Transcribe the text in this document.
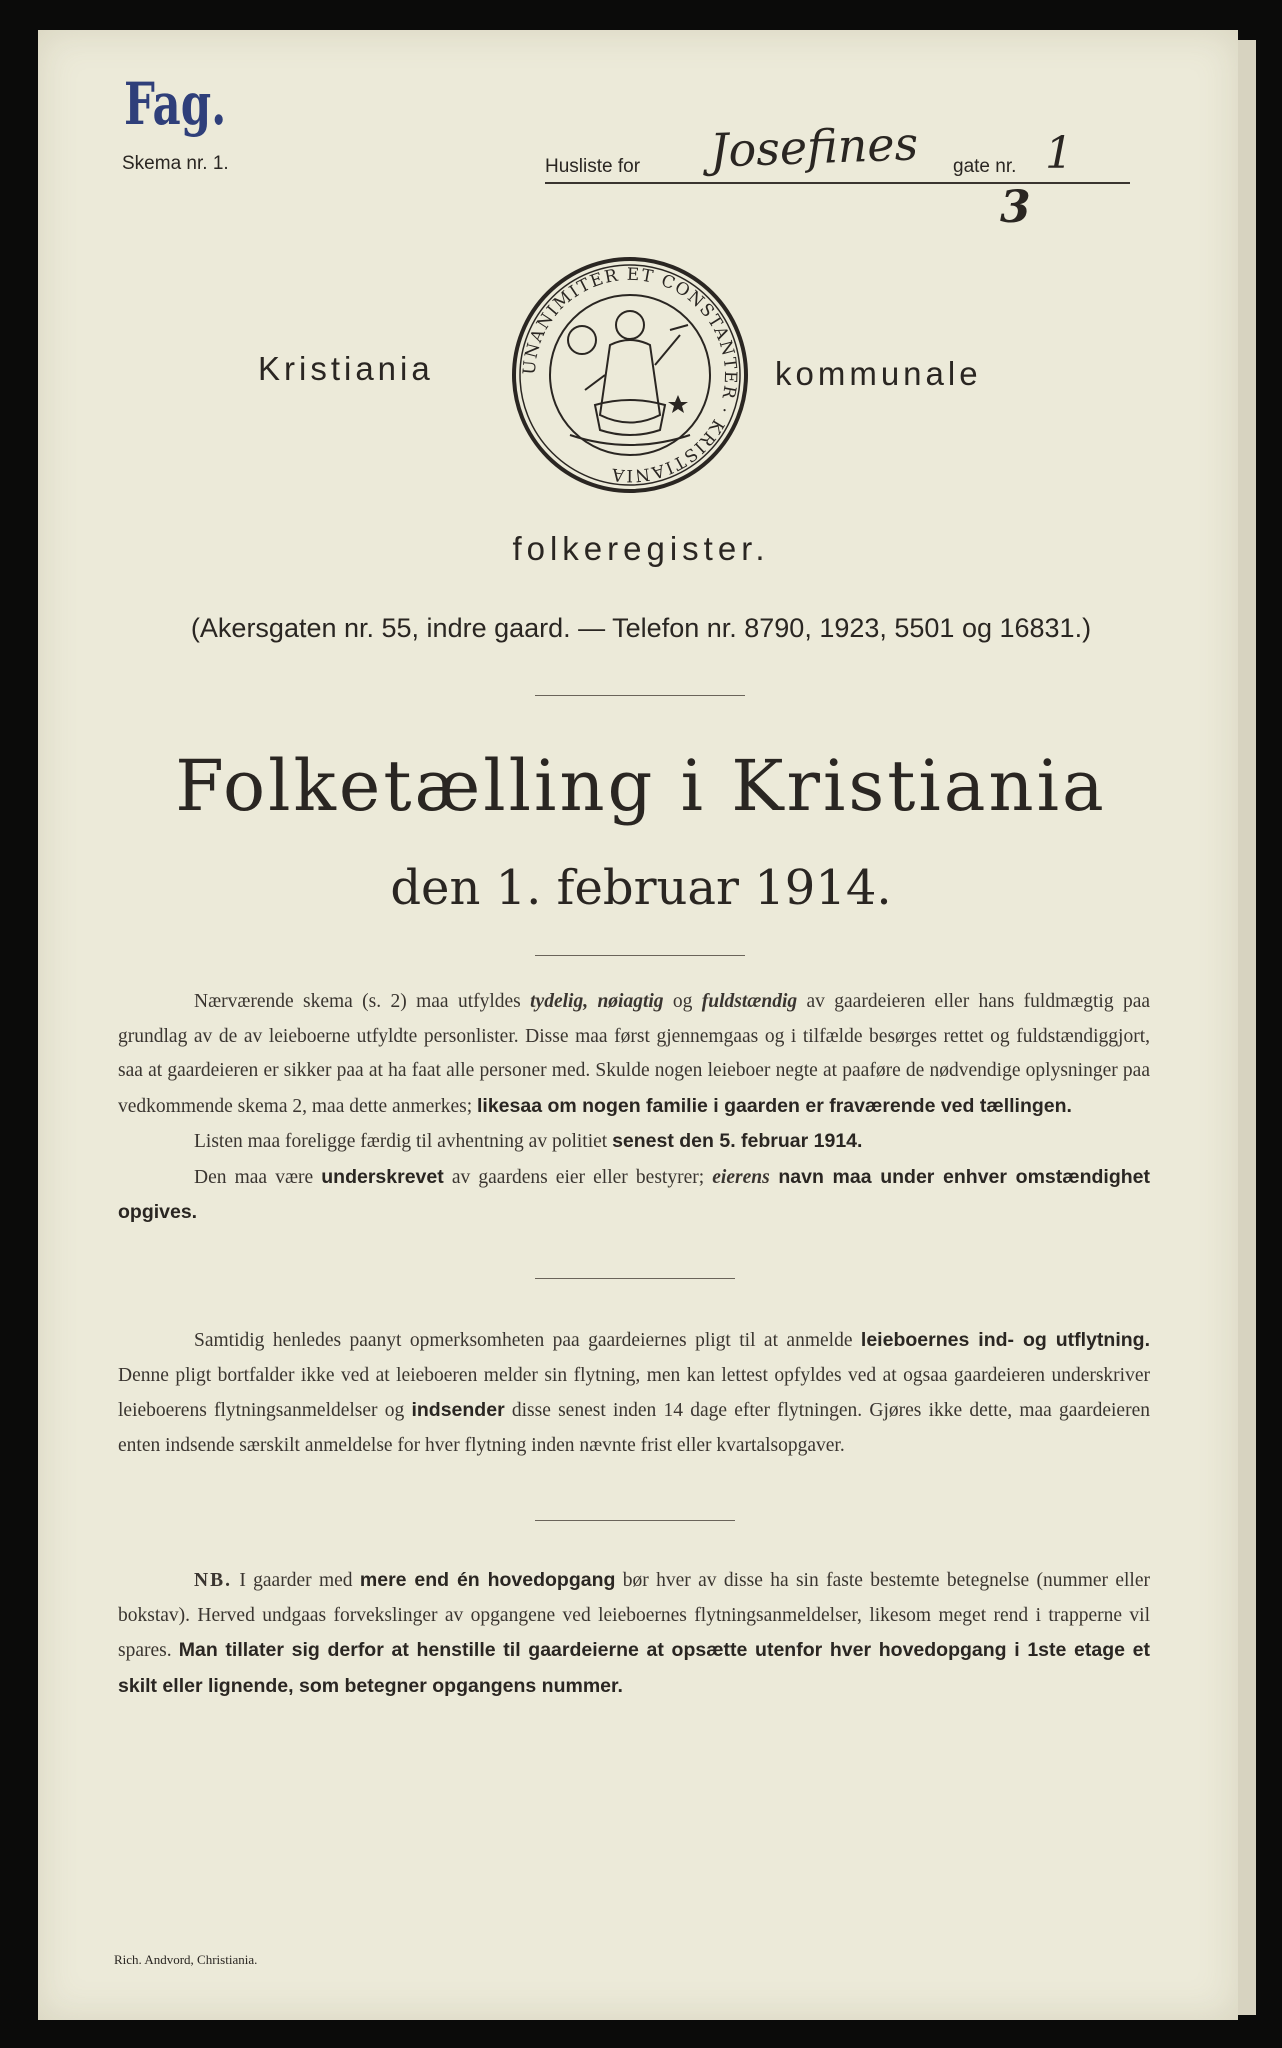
Fag.

Skema nr. 1.	Husliste for Josefines gate nr. 1

3

Kristiania	UNANIMITER ET CONSTANTER · KRISTIANIA

kommunale

folkeregister.

(Akersgaten nr. 55, indre gaard. — Telefon nr. 8790, 1923, 5501 og 16831.)

Folketælling i Kristiania

den 1. februar 1914.

Nærværende skema (s. 2) maa utfyldes tydelig, nøiagtig og fuldstændig av gaardeieren eller hans fuldmægtig paa grundlag av de av leieboerne utfyldte personlister. Disse maa først gjennemgaas og i tilfælde besørges rettet og fuldstændiggjort, saa at gaardeieren er sikker paa at ha faat alle personer med. Skulde nogen leieboer negte at paaføre de nødvendige oplysninger paa vedkommende skema 2, maa dette anmerkes; likesaa om nogen familie i gaarden er fraværende ved tællingen.
Listen maa foreligge færdig til avhentning av politiet senest den 5. februar 1914.
Den maa være underskrevet av gaardens eier eller bestyrer; eierens navn maa under enhver omstændighet opgives.
Samtidig henledes paanyt opmerksomheten paa gaardeiernes pligt til at anmelde leieboernes ind- og utflytning. Denne pligt bortfalder ikke ved at leieboeren melder sin flytning, men kan lettest opfyldes ved at ogsaa gaardeieren underskriver leieboerens flytningsanmeldelser og indsender disse senest inden 14 dage efter flytningen. Gjøres ikke dette, maa gaardeieren enten indsende særskilt anmeldelse for hver flytning inden nævnte frist eller kvartalsopgaver.
NB. I gaarder med mere end én hovedopgang bør hver av disse ha sin faste bestemte betegnelse (nummer eller bokstav). Herved undgaas forvekslinger av opgangene ved leieboernes flytningsanmeldelser, likesom meget rend i trapperne vil spares. Man tillater sig derfor at henstille til gaardeierne at opsætte utenfor hver hovedopgang i 1ste etage et skilt eller lignende, som betegner opgangens nummer.

Rich. Andvord, Christiania.
